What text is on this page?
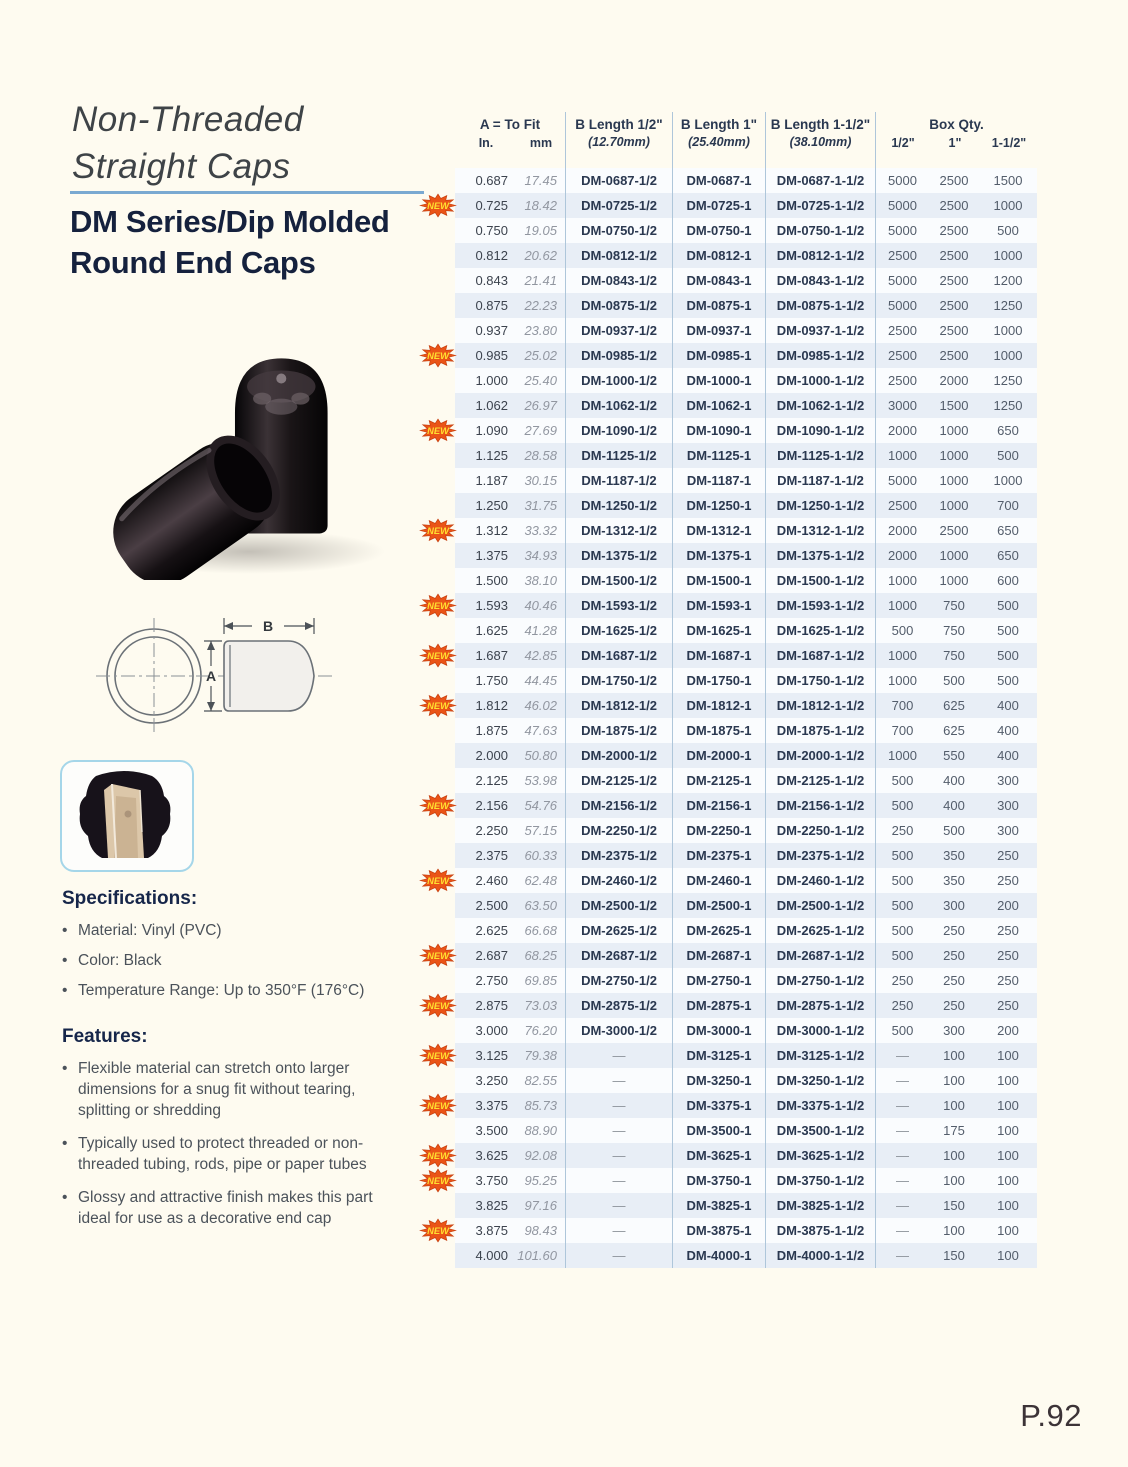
Non-Threaded
Straight Caps
DM Series/Dip Molded
Round End Caps
B
A

Specifications:

• Material: Vinyl (PVC)
• Color: Black
• Temperature Range: Up to 350°F (176°C)

Features:

• Flexible material can stretch onto larger dimensions for a snug fit without tearing, splitting or shredding
• Typically used to protect threaded or non-threaded tubing, rods, pipe or paper tubes
• Glossy and attractive finish makes this part ideal for use as a decorative end cap
A = To Fit
In.	mm
B Length 1/2"
(12.70mm)
B Length 1"
(25.40mm)
B Length 1-1/2"
(38.10mm)
Box Qty.
1/2"	1"	1-1/2"
0.687	17.45	DM-0687-1/2	DM-0687-1	DM-0687-1-1/2	5000	2500	1500
NEW	0.725	18.42	DM-0725-1/2	DM-0725-1	DM-0725-1-1/2	5000	2500	1000
0.750	19.05	DM-0750-1/2	DM-0750-1	DM-0750-1-1/2	5000	2500	500
0.812	20.62	DM-0812-1/2	DM-0812-1	DM-0812-1-1/2	2500	2500	1000
0.843	21.41	DM-0843-1/2	DM-0843-1	DM-0843-1-1/2	5000	2500	1200
0.875	22.23	DM-0875-1/2	DM-0875-1	DM-0875-1-1/2	5000	2500	1250
0.937	23.80	DM-0937-1/2	DM-0937-1	DM-0937-1-1/2	2500	2500	1000
NEW	0.985	25.02	DM-0985-1/2	DM-0985-1	DM-0985-1-1/2	2500	2500	1000
1.000	25.40	DM-1000-1/2	DM-1000-1	DM-1000-1-1/2	2500	2000	1250
1.062	26.97	DM-1062-1/2	DM-1062-1	DM-1062-1-1/2	3000	1500	1250
NEW	1.090	27.69	DM-1090-1/2	DM-1090-1	DM-1090-1-1/2	2000	1000	650
1.125	28.58	DM-1125-1/2	DM-1125-1	DM-1125-1-1/2	1000	1000	500
1.187	30.15	DM-1187-1/2	DM-1187-1	DM-1187-1-1/2	5000	1000	1000
1.250	31.75	DM-1250-1/2	DM-1250-1	DM-1250-1-1/2	2500	1000	700
NEW	1.312	33.32	DM-1312-1/2	DM-1312-1	DM-1312-1-1/2	2000	2500	650
1.375	34.93	DM-1375-1/2	DM-1375-1	DM-1375-1-1/2	2000	1000	650
1.500	38.10	DM-1500-1/2	DM-1500-1	DM-1500-1-1/2	1000	1000	600
NEW	1.593	40.46	DM-1593-1/2	DM-1593-1	DM-1593-1-1/2	1000	750	500
1.625	41.28	DM-1625-1/2	DM-1625-1	DM-1625-1-1/2	500	750	500
NEW	1.687	42.85	DM-1687-1/2	DM-1687-1	DM-1687-1-1/2	1000	750	500
1.750	44.45	DM-1750-1/2	DM-1750-1	DM-1750-1-1/2	1000	500	500
NEW	1.812	46.02	DM-1812-1/2	DM-1812-1	DM-1812-1-1/2	700	625	400
1.875	47.63	DM-1875-1/2	DM-1875-1	DM-1875-1-1/2	700	625	400
2.000	50.80	DM-2000-1/2	DM-2000-1	DM-2000-1-1/2	1000	550	400
2.125	53.98	DM-2125-1/2	DM-2125-1	DM-2125-1-1/2	500	400	300
NEW	2.156	54.76	DM-2156-1/2	DM-2156-1	DM-2156-1-1/2	500	400	300
2.250	57.15	DM-2250-1/2	DM-2250-1	DM-2250-1-1/2	250	500	300
2.375	60.33	DM-2375-1/2	DM-2375-1	DM-2375-1-1/2	500	350	250
NEW	2.460	62.48	DM-2460-1/2	DM-2460-1	DM-2460-1-1/2	500	350	250
2.500	63.50	DM-2500-1/2	DM-2500-1	DM-2500-1-1/2	500	300	200
2.625	66.68	DM-2625-1/2	DM-2625-1	DM-2625-1-1/2	500	250	250
NEW	2.687	68.25	DM-2687-1/2	DM-2687-1	DM-2687-1-1/2	500	250	250
2.750	69.85	DM-2750-1/2	DM-2750-1	DM-2750-1-1/2	250	250	250
NEW	2.875	73.03	DM-2875-1/2	DM-2875-1	DM-2875-1-1/2	250	250	250
3.000	76.20	DM-3000-1/2	DM-3000-1	DM-3000-1-1/2	500	300	200
NEW	3.125	79.38	—	DM-3125-1	DM-3125-1-1/2	—	100	100
3.250	82.55	—	DM-3250-1	DM-3250-1-1/2	—	100	100
NEW	3.375	85.73	—	DM-3375-1	DM-3375-1-1/2	—	100	100
3.500	88.90	—	DM-3500-1	DM-3500-1-1/2	—	175	100
NEW	3.625	92.08	—	DM-3625-1	DM-3625-1-1/2	—	100	100
NEW	3.750	95.25	—	DM-3750-1	DM-3750-1-1/2	—	100	100
3.825	97.16	—	DM-3825-1	DM-3825-1-1/2	—	150	100
NEW	3.875	98.43	—	DM-3875-1	DM-3875-1-1/2	—	100	100
4.000 101.60	—	DM-4000-1	DM-4000-1-1/2	—	150	100
P.92
